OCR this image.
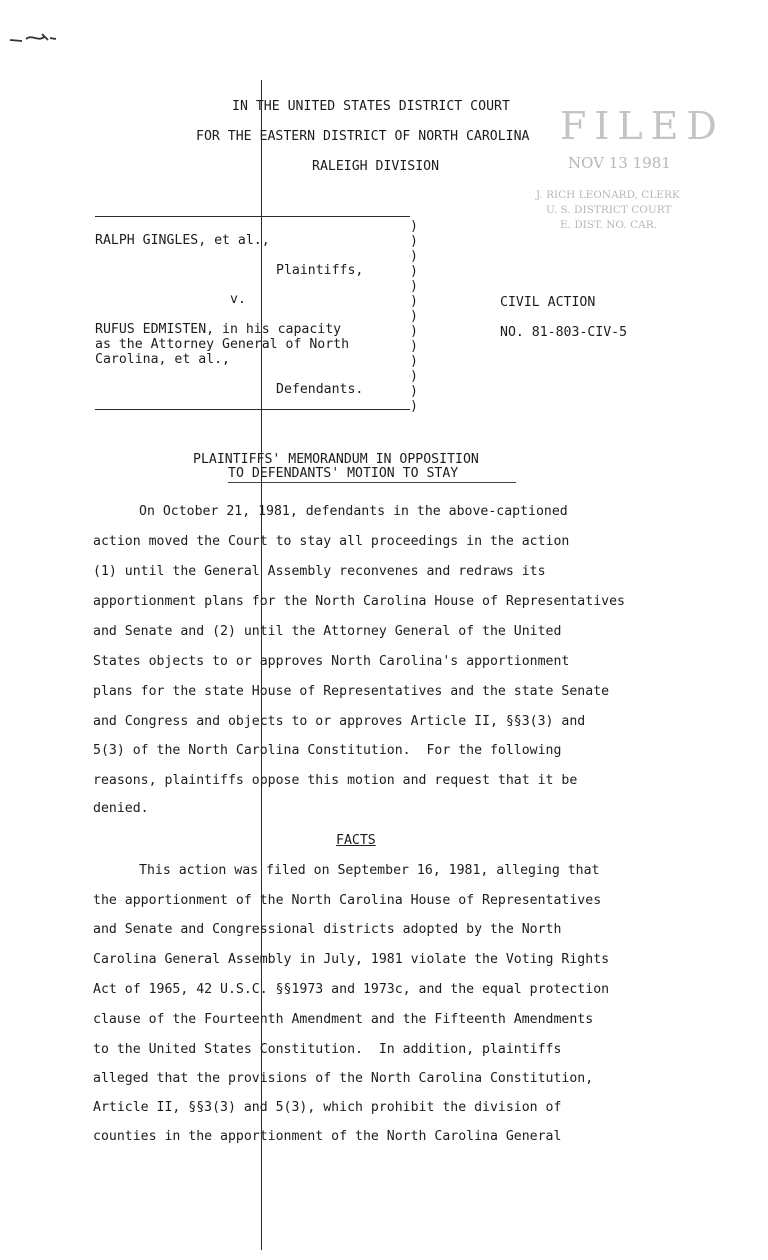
IN THE UNITED STATES DISTRICT COURT
FOR THE EASTERN DISTRICT OF NORTH CAROLINA
RALEIGH DIVISION
FILED
NOV 13 1981
J. RICH LEONARD, CLERK
U. S. DISTRICT COURT
E. DIST. NO. CAR.
RALPH GINGLES, et al.,
Plaintiffs,
v.
RUFUS EDMISTEN, in his capacity
as the Attorney General of North
Carolina, et al.,
Defendants.
)
)
)
)
)
)
)
)
)
)
)
)
)
CIVIL ACTION
NO. 81-803-CIV-5
PLAINTIFFS' MEMORANDUM IN OPPOSITION
TO DEFENDANTS' MOTION TO STAY
On October 21, 1981, defendants in the above-captioned
action moved the Court to stay all proceedings in the action
(1) until the General Assembly reconvenes and redraws its
apportionment plans for the North Carolina House of Representatives
and Senate and (2) until the Attorney General of the United
States objects to or approves North Carolina's apportionment
plans for the state House of Representatives and the state Senate
and Congress and objects to or approves Article II, §§3(3) and
5(3) of the North Carolina Constitution.  For the following
reasons, plaintiffs oppose this motion and request that it be
denied.
FACTS
This action was filed on September 16, 1981, alleging that
the apportionment of the North Carolina House of Representatives
and Senate and Congressional districts adopted by the North
Carolina General Assembly in July, 1981 violate the Voting Rights
Act of 1965, 42 U.S.C. §§1973 and 1973c, and the equal protection
clause of the Fourteenth Amendment and the Fifteenth Amendments
to the United States Constitution.  In addition, plaintiffs
alleged that the provisions of the North Carolina Constitution,
Article II, §§3(3) and 5(3), which prohibit the division of
counties in the apportionment of the North Carolina General
